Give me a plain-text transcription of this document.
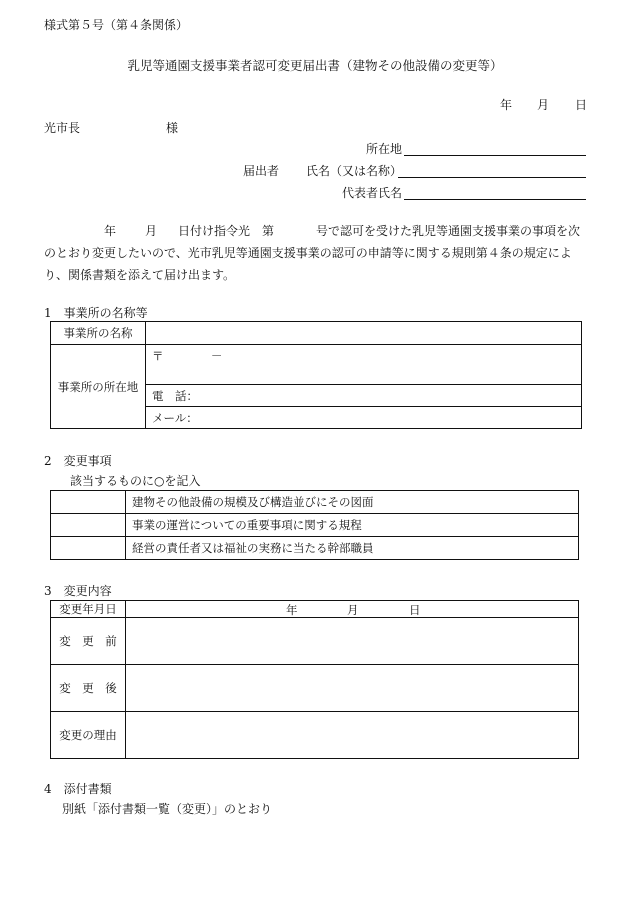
様式第５号（第４条関係）
乳児等通園支援事業者認可変更届出書（建物その他設備の変更等）
年 月 日
光市長	様
所在地
届出者 氏名（又は名称）
代表者氏名
年 月 日付け指令光 第	号で認可を受けた乳児等通園支援事業の事項を次
のとおり変更したいので、光市乳児等通園支援事業の認可の申請等に関する規則第４条の規定によ
り、関係書類を添えて届け出ます。
1　事業所の名称等
事業所の名称	
事業所の所在地	〒 －
	電　話：
	メール：
2　変更事項
該当するものに○を記入
	建物その他設備の規模及び構造並びにその図面
	事業の運営についての重要事項に関する規程
	経営の責任者又は福祉の実務に当たる幹部職員
3　変更内容
変更年月日	年 月 日

変　更　前	
変　更　後	
変更の理由	
4　添付書類
別紙「添付書類一覧（変更）」のとおり
